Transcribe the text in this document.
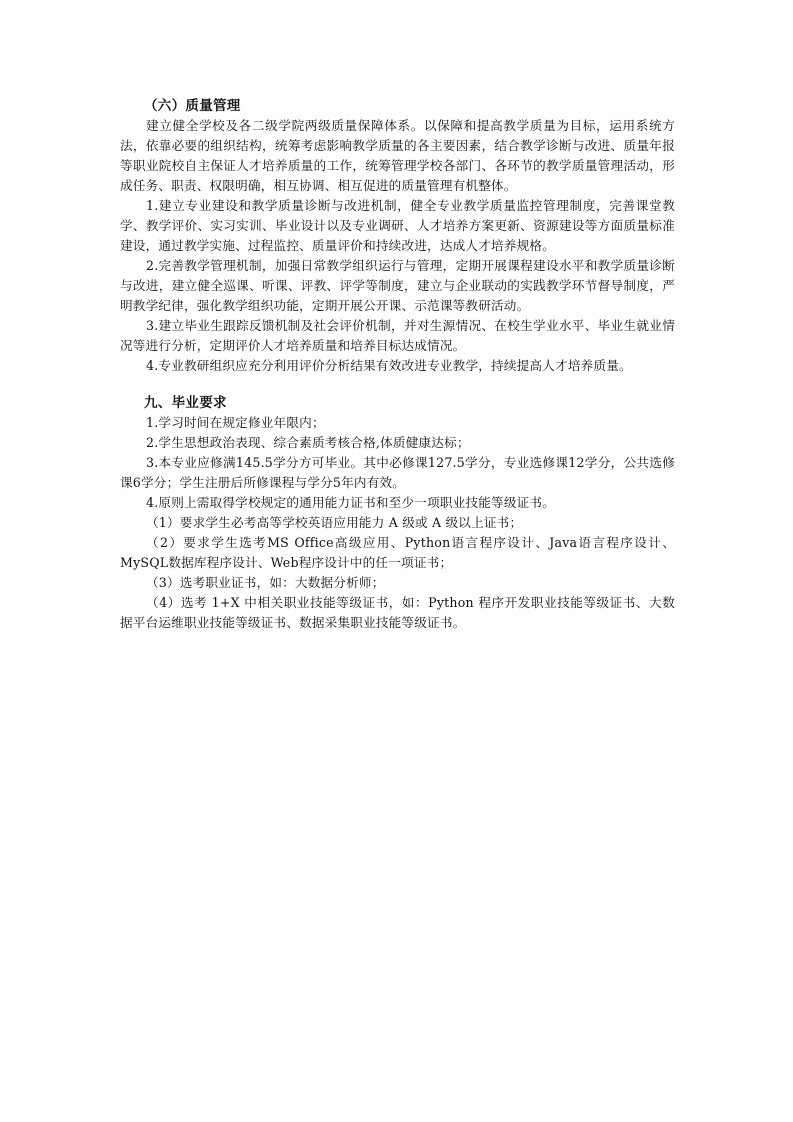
（六）质量管理

建立健全学校及各二级学院两级质量保障体系。以保障和提高教学质量为目标，运用系统方法，依靠必要的组织结构，统筹考虑影响教学质量的各主要因素，结合教学诊断与改进、质量年报等职业院校自主保证人才培养质量的工作，统筹管理学校各部门、各环节的教学质量管理活动，形成任务、职责、权限明确，相互协调、相互促进的质量管理有机整体。

1.建立专业建设和教学质量诊断与改进机制，健全专业教学质量监控管理制度，完善课堂教学、教学评价、实习实训、毕业设计以及专业调研、人才培养方案更新、资源建设等方面质量标准建设，通过教学实施、过程监控、质量评价和持续改进，达成人才培养规格。

2.完善教学管理机制，加强日常教学组织运行与管理，定期开展课程建设水平和教学质量诊断与改进，建立健全巡课、听课、评教、评学等制度，建立与企业联动的实践教学环节督导制度，严明教学纪律，强化教学组织功能，定期开展公开课、示范课等教研活动。

3.建立毕业生跟踪反馈机制及社会评价机制，并对生源情况、在校生学业水平、毕业生就业情况等进行分析，定期评价人才培养质量和培养目标达成情况。

4.专业教研组织应充分利用评价分析结果有效改进专业教学，持续提高人才培养质量。

九、毕业要求

1.学习时间在规定修业年限内；

2.学生思想政治表现、综合素质考核合格,体质健康达标；

3.本专业应修满145.5学分方可毕业。其中必修课127.5学分，专业选修课12学分，公共选修课6学分；学生注册后所修课程与学分5年内有效。

4.原则上需取得学校规定的通用能力证书和至少一项职业技能等级证书。

（1）要求学生必考高等学校英语应用能力 A 级或 A 级以上证书；

（2）要求学生选考MS Office高级应用、Python语言程序设计、Java语言程序设计、MySQL数据库程序设计、Web程序设计中的任一项证书；

（3）选考职业证书，如：大数据分析师；

（4）选考 1+X 中相关职业技能等级证书，如：Python 程序开发职业技能等级证书、大数据平台运维职业技能等级证书、数据采集职业技能等级证书。
